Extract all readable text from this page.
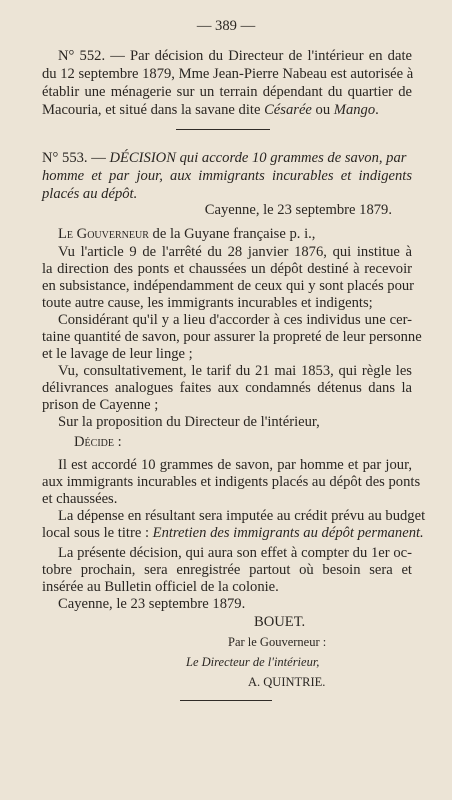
— 389 —
N° 552. — Par décision du Directeur de l'intérieur en date
du 12 septembre 1879, Mme Jean-Pierre Nabeau est autorisée à
établir une ménagerie sur un terrain dépendant du quartier de
Macouria, et situé dans la savane dite Césarée ou Mango.
N° 553. — DÉCISION qui accorde 10 grammes de savon, par
homme et par jour, aux immigrants incurables et indigents
placés au dépôt.
Cayenne, le 23 septembre 1879.
Le Gouverneur de la Guyane française p. i.,
Vu l'article 9 de l'arrêté du 28 janvier 1876, qui institue à
la direction des ponts et chaussées un dépôt destiné à recevoir
en subsistance, indépendamment de ceux qui y sont placés pour
toute autre cause, les immigrants incurables et indigents;
Considérant qu'il y a lieu d'accorder à ces individus une cer-
taine quantité de savon, pour assurer la propreté de leur personne
et le lavage de leur linge ;
Vu, consultativement, le tarif du 21 mai 1853, qui règle les
délivrances analogues faites aux condamnés détenus dans la
prison de Cayenne ;
Sur la proposition du Directeur de l'intérieur,
Décide :
Il est accordé 10 grammes de savon, par homme et par jour,
aux immigrants incurables et indigents placés au dépôt des ponts
et chaussées.
La dépense en résultant sera imputée au crédit prévu au budget
local sous le titre : Entretien des immigrants au dépôt permanent.
La présente décision, qui aura son effet à compter du 1er oc-
tobre prochain, sera enregistrée partout où besoin sera et
insérée au Bulletin officiel de la colonie.
Cayenne, le 23 septembre 1879.
BOUET.
Par le Gouverneur :
Le Directeur de l'intérieur,
A. QUINTRIE.
